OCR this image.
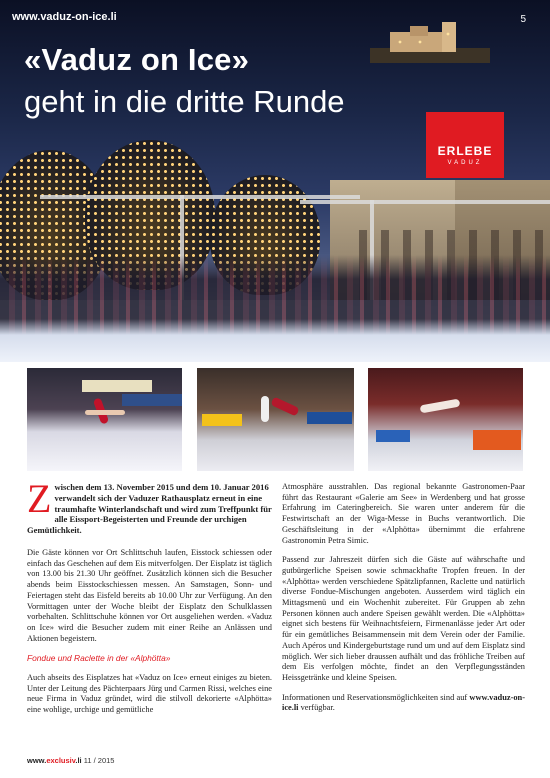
www.vaduz-on-ice.li	5
«Vaduz on Ice»
geht in die dritte Runde
ERLEBE
VADUZ
Zwischen dem 13. November 2015 und dem 10. Januar 2016 verwandelt sich der Vaduzer Rathausplatz erneut in eine traumhafte Winterlandschaft und wird zum Treffpunkt für alle Eissport-Begeisterten und Freunde der urchigen Gemütlichkeit.

Die Gäste können vor Ort Schlittschuh laufen, Eisstock schiessen oder einfach das Geschehen auf dem Eis mitverfolgen. Der Eisplatz ist täglich von 13.00 bis 21.30 Uhr geöffnet. Zusätzlich können sich die Besucher abends beim Eisstockschiessen messen. An Samstagen, Sonn- und Feiertagen steht das Eisfeld bereits ab 10.00 Uhr zur Verfügung. An den Vormittagen unter der Woche bleibt der Eisplatz den Schulklassen vorbehalten. Schlittschuhe können vor Ort ausgeliehen werden. «Vaduz on Ice» wird die Besucher zudem mit einer Reihe an Anlässen und Aktionen begeistern.

Fondue und Raclette in der «Alphötta»

Auch abseits des Eisplatzes hat «Vaduz on Ice» erneut einiges zu bieten. Unter der Leitung des Pächterpaars Jürg und Carmen Rissi, welches eine neue Firma in Vaduz gründet, wird die stilvoll dekorierte «Alphötta» eine wohlige, urchige und gemütliche

Atmosphäre ausstrahlen. Das regional bekannte Gastronomen-Paar führt das Restaurant «Galerie am See» in Werdenberg und hat grosse Erfahrung im Cateringbereich. Sie waren unter anderem für die Festwirtschaft an der Wiga-Messe in Buchs verantwortlich. Die Geschäftsleitung in der «Alphötta» übernimmt die erfahrene Gastronomin Petra Simic.

Passend zur Jahreszeit dürfen sich die Gäste auf währschafte und gutbürgerliche Speisen sowie schmackhafte Tropfen freuen. In der «Alphötta» werden verschiedene Spätzlipfannen, Raclette und natürlich diverse Fondue-Mischungen angeboten. Ausserdem wird täglich ein Mittagsmenü und ein Wochenhit zubereitet. Für Gruppen ab zehn Personen können auch andere Speisen gewählt werden. Die «Alphötta» eignet sich bestens für Weihnachtsfeiern, Firmenanlässe jeder Art oder für ein gemütliches Beisammensein mit dem Verein oder der Familie. Auch Apéros und Kindergeburtstage rund um und auf dem Eisplatz sind möglich. Wer sich lieber draussen aufhält und das fröhliche Treiben auf dem Eis verfolgen möchte, findet an den Verpflegungsständen Heissgetränke und kleine Speisen.

Informationen und Reservationsmöglichkeiten sind auf www.vaduz-on-ice.li verfügbar.

www.exclusiv.li 11 / 2015
